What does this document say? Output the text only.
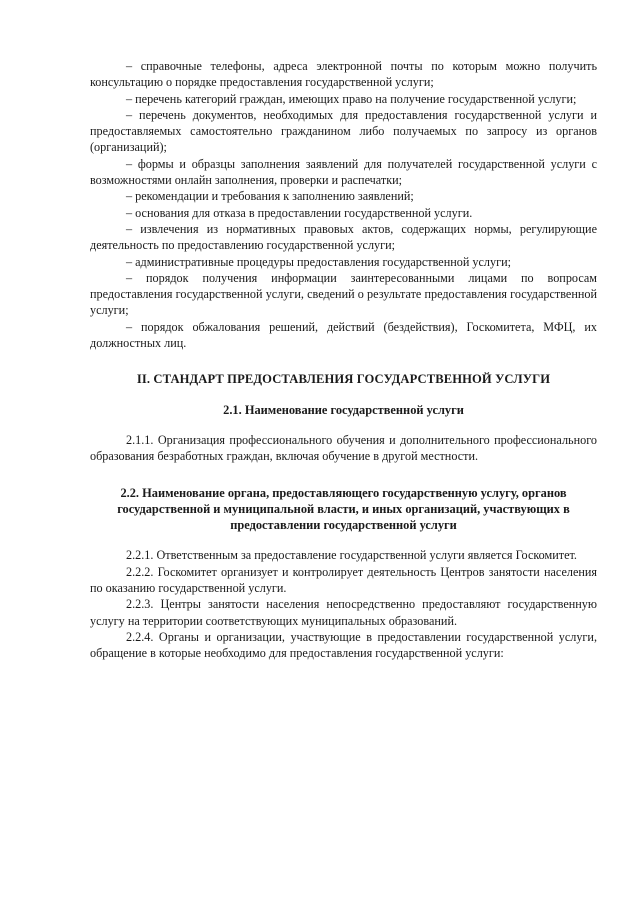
– справочные телефоны, адреса электронной почты по которым можно получить консультацию о порядке предоставления государственной услуги;

– перечень категорий граждан, имеющих право на получение государственной услуги;

– перечень документов, необходимых для предоставления государственной услуги и предоставляемых самостоятельно гражданином либо получаемых по запросу из органов (организаций);

– формы и образцы заполнения заявлений для получателей государственной услуги с возможностями онлайн заполнения, проверки и распечатки;

– рекомендации и требования к заполнению заявлений;

– основания для отказа в предоставлении государственной услуги.

– извлечения из нормативных правовых актов, содержащих нормы, регулирующие деятельность по предоставлению государственной услуги;

– административные процедуры предоставления государственной услуги;

– порядок получения информации заинтересованными лицами по вопросам предоставления государственной услуги, сведений о результате предоставления государственной услуги;

– порядок обжалования решений, действий (бездействия), Госкомитета, МФЦ, их должностных лиц.

II. СТАНДАРТ ПРЕДОСТАВЛЕНИЯ ГОСУДАРСТВЕННОЙ УСЛУГИ

2.1. Наименование государственной услуги

2.1.1. Организация профессионального обучения и дополнительного профессионального образования безработных граждан, включая обучение в другой местности.

2.2. Наименование органа, предоставляющего государственную услугу, органов государственной и муниципальной власти, и иных организаций, участвующих в предоставлении государственной услуги

2.2.1. Ответственным за предоставление государственной услуги является Госкомитет.

2.2.2. Госкомитет организует и контролирует деятельность Центров занятости населения по оказанию государственной услуги.

2.2.3. Центры занятости населения непосредственно предоставляют государственную услугу на территории соответствующих муниципальных образований.

2.2.4. Органы и организации, участвующие в предоставлении государственной услуги, обращение в которые необходимо для предоставления государственной услуги:
